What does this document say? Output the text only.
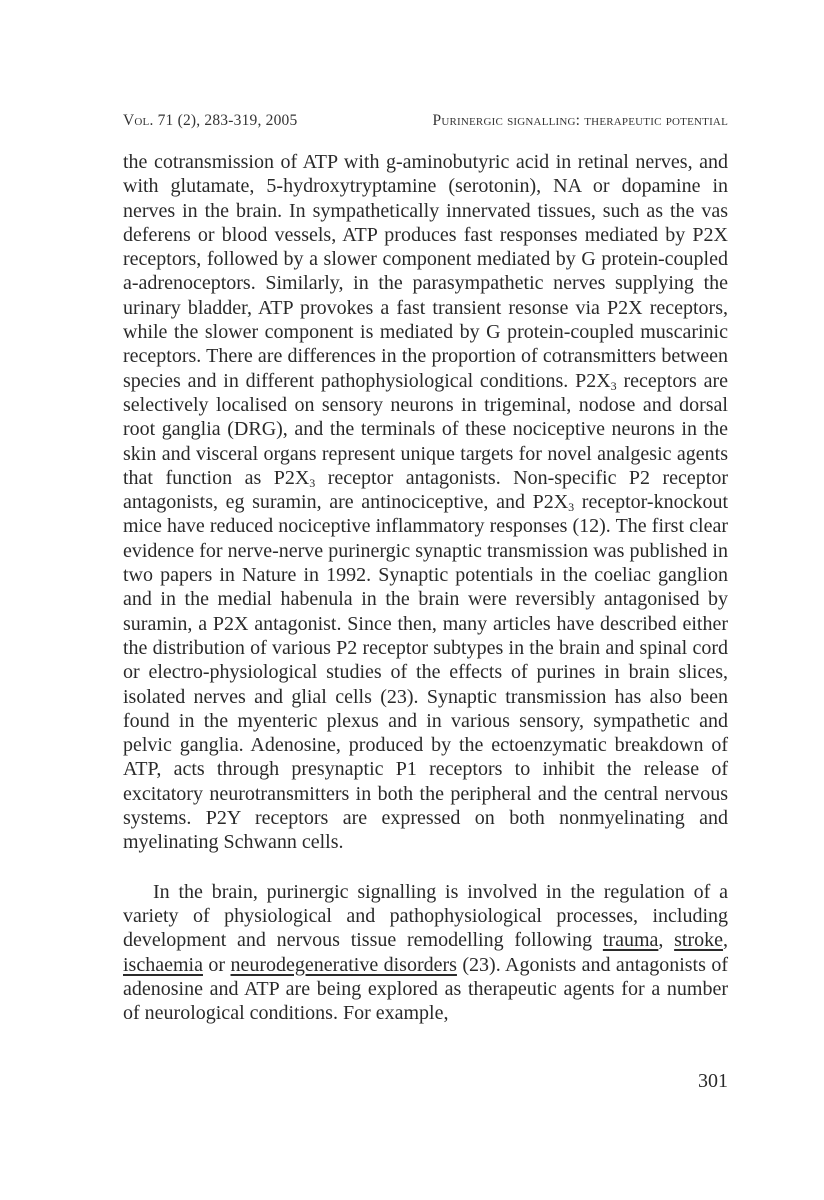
Vol. 71 (2), 283-319, 2005	Purinergic signalling: therapeutic potential

the cotransmission of ATP with g-aminobutyric acid in retinal nerves, and with glutamate, 5-hydroxytryptamine (serotonin), NA or dopamine in nerves in the brain. In sympathetically innervated tissues, such as the vas deferens or blood vessels, ATP produces fast responses mediated by P2X receptors, followed by a slower component mediated by G protein-coupled a-adrenoceptors. Similarly, in the parasympathetic nerves supplying the urinary bladder, ATP provokes a fast transient resonse via P2X receptors, while the slower component is mediated by G protein-coupled muscarinic receptors. There are differences in the proportion of cotransmitters between species and in different pathophysiological conditions. $P2X_3$ receptors are selectively localised on sensory neurons in trigeminal, nodose and dorsal root ganglia (DRG), and the terminals of these nociceptive neurons in the skin and visceral organs represent unique targets for novel analgesic agents that function as $P2X_3$ receptor antagonists. Non-specific P2 receptor antagonists, eg suramin, are antinociceptive, and $P2X_3$ receptor-knockout mice have reduced nociceptive inflammatory responses (12). The first clear evidence for nerve-nerve purinergic synaptic transmission was published in two papers in Nature in 1992. Synaptic potentials in the coeliac ganglion and in the medial habenula in the brain were reversibly antagonised by suramin, a P2X antagonist. Since then, many articles have described either the distribution of various P2 receptor subtypes in the brain and spinal cord or electro-physiological studies of the effects of purines in brain slices, isolated nerves and glial cells (23). Synaptic transmission has also been found in the myenteric plexus and in various sensory, sympathetic and pelvic ganglia. Adenosine, produced by the ectoenzymatic breakdown of ATP, acts through presynaptic P1 receptors to inhibit the release of excitatory neurotransmitters in both the peripheral and the central nervous systems. P2Y receptors are expressed on both nonmyelinating and myelinating Schwann cells.

In the brain, purinergic signalling is involved in the regulation of a variety of physiological and pathophysiological processes, including development and nervous tissue remodelling following trauma, stroke, ischaemia or neurodegenerative disorders (23). Agonists and antagonists of adenosine and ATP are being explored as therapeutic agents for a number of neurological conditions. For example,

301
